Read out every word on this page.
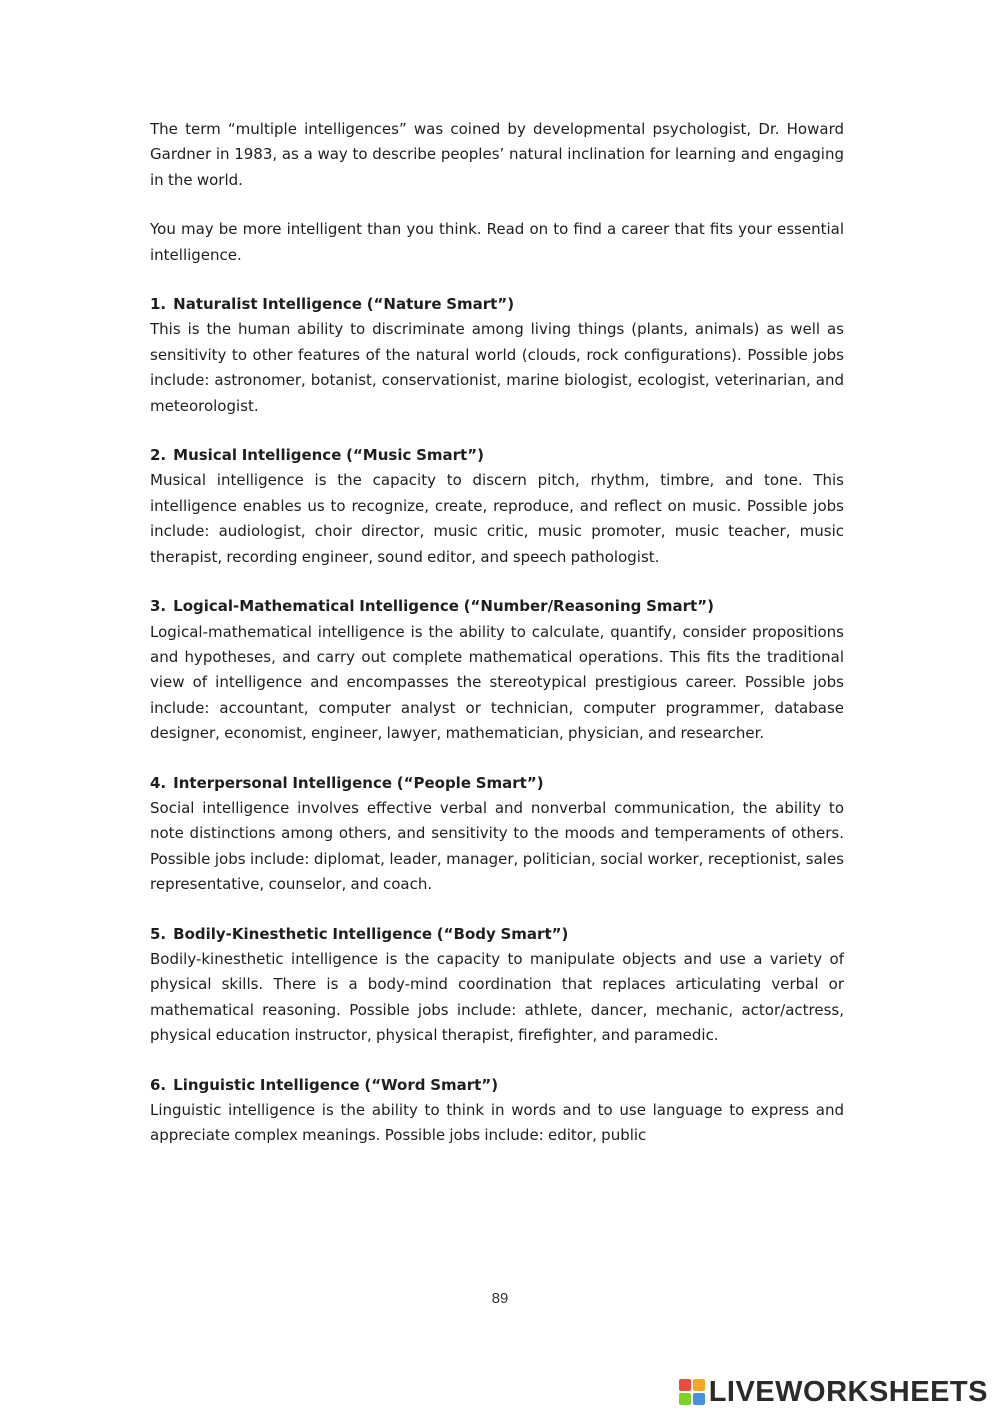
The term “multiple intelligences” was coined by developmental psychologist, Dr. Howard Gardner in 1983, as a way to describe peoples’ natural inclination for learning and engaging in the world.

You may be more intelligent than you think. Read on to find a career that fits your essential intelligence.

1. Naturalist Intelligence (“Nature Smart”)

This is the human ability to discriminate among living things (plants, animals) as well as sensitivity to other features of the natural world (clouds, rock configurations). Possible jobs include: astronomer, botanist, conservationist, marine biologist, ecologist, veterinarian, and meteorologist.

2. Musical Intelligence (“Music Smart”)

Musical intelligence is the capacity to discern pitch, rhythm, timbre, and tone. This intelligence enables us to recognize, create, reproduce, and reflect on music. Possible jobs include: audiologist, choir director, music critic, music promoter, music teacher, music therapist, recording engineer, sound editor, and speech pathologist.

3. Logical-Mathematical Intelligence (“Number/Reasoning Smart”)

Logical-mathematical intelligence is the ability to calculate, quantify, consider propositions and hypotheses, and carry out complete mathematical operations. This fits the traditional view of intelligence and encompasses the stereotypical prestigious career. Possible jobs include: accountant, computer analyst or technician, computer programmer, database designer, economist, engineer, lawyer, mathematician, physician, and researcher.

4. Interpersonal Intelligence (“People Smart”)

Social intelligence involves effective verbal and nonverbal communication, the ability to note distinctions among others, and sensitivity to the moods and temperaments of others. Possible jobs include: diplomat, leader, manager, politician, social worker, receptionist, sales representative, counselor, and coach.

5. Bodily-Kinesthetic Intelligence (“Body Smart”)

Bodily-kinesthetic intelligence is the capacity to manipulate objects and use a variety of physical skills. There is a body-mind coordination that replaces articulating verbal or mathematical reasoning. Possible jobs include: athlete, dancer, mechanic, actor/actress, physical education instructor, physical therapist, firefighter, and paramedic.

6. Linguistic Intelligence (“Word Smart”)

Linguistic intelligence is the ability to think in words and to use language to express and appreciate complex meanings. Possible jobs include: editor, public

89
LIVEWORKSHEETS
